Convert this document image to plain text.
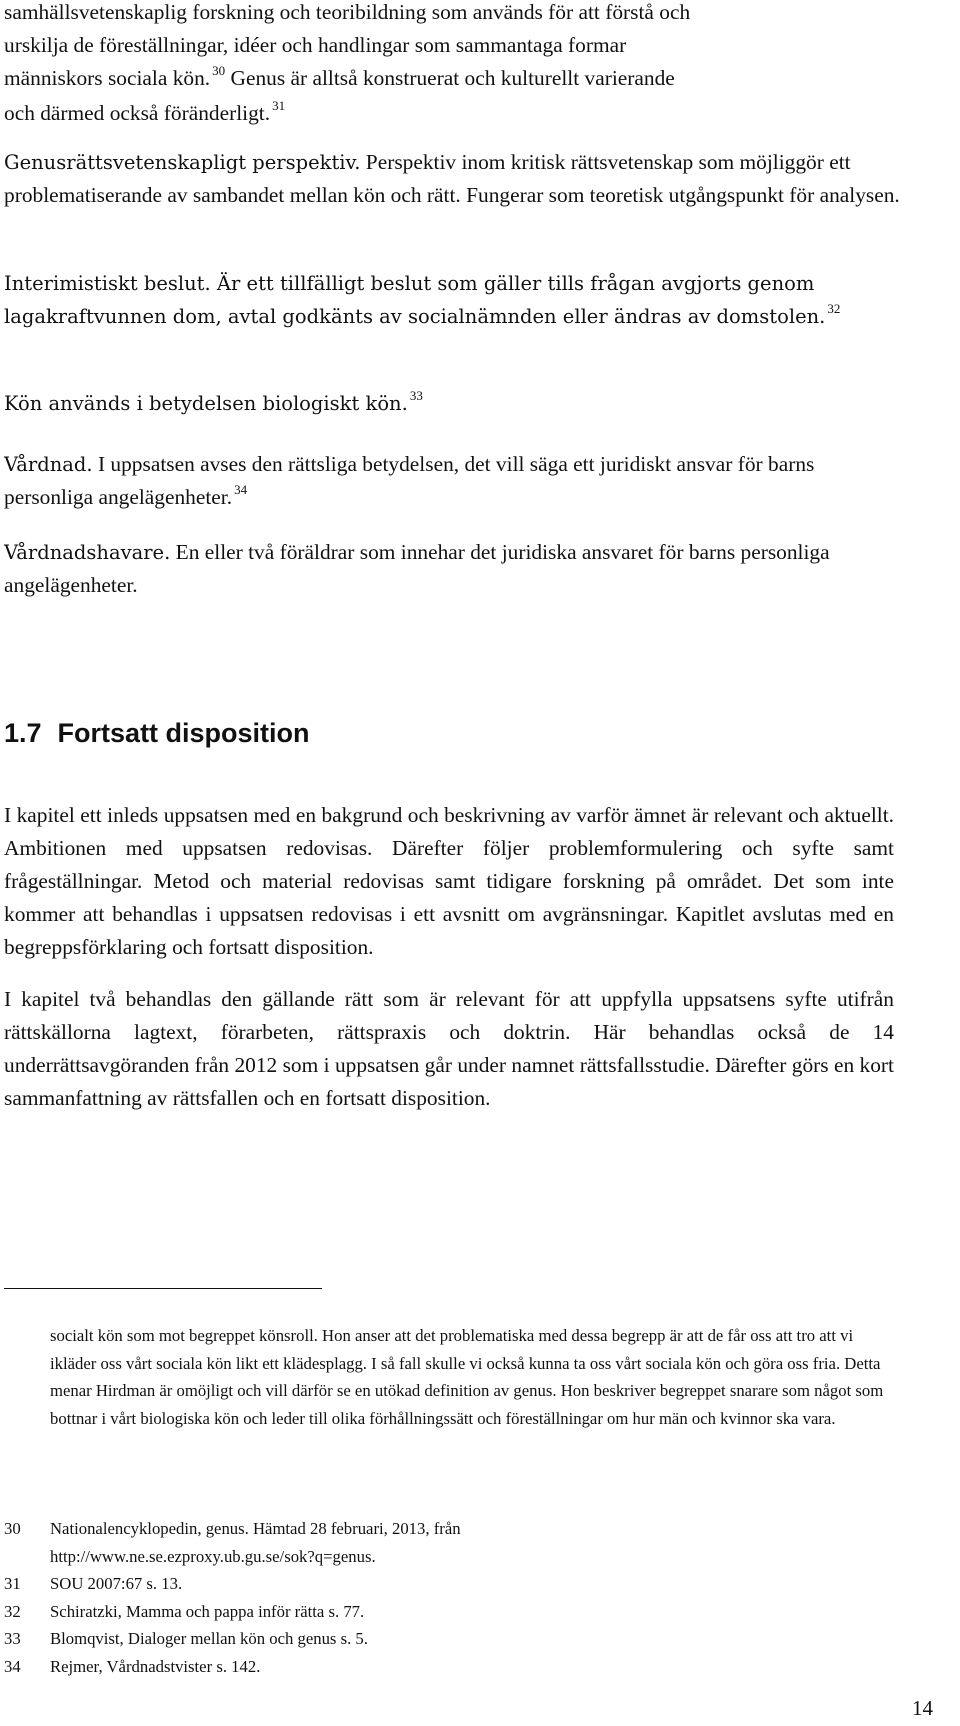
samhällsvetenskaplig forskning och teoribildning som används för att förstå och
urskilja de föreställningar, idéer och handlingar som sammantaga formar
människors sociala kön. $^{30}$ Genus är alltså konstruerat och kulturellt varierande
och därmed också föränderligt. $^{31}$
Genusrättsvetenskapligt perspektiv. Perspektiv inom kritisk rättsvetenskap som möjliggör ett problematiserande av sambandet mellan kön och rätt. Fungerar som teoretisk utgångspunkt för analysen.
Interimistiskt beslut. Är ett tillfälligt beslut som gäller tills frågan avgjorts genom lagakraftvunnen dom, avtal godkänts av socialnämnden eller ändras av domstolen. $^{32}$
Kön används i betydelsen biologiskt kön. $^{33}$
Vårdnad. I uppsatsen avses den rättsliga betydelsen, det vill säga ett juridiskt ansvar för barns personliga angelägenheter. $^{34}$
Vårdnadshavare. En eller två föräldrar som innehar det juridiska ansvaret för barns personliga angelägenheter.
1.7 Fortsatt disposition
I kapitel ett inleds uppsatsen med en bakgrund och beskrivning av varför ämnet är relevant och aktuellt. Ambitionen med uppsatsen redovisas. Därefter följer problemformulering och syfte samt frågeställningar. Metod och material redovisas samt tidigare forskning på området. Det som inte kommer att behandlas i uppsatsen redovisas i ett avsnitt om avgränsningar. Kapitlet avslutas med en begreppsförklaring och fortsatt disposition.
I kapitel två behandlas den gällande rätt som är relevant för att uppfylla uppsatsens syfte utifrån rättskällorna lagtext, förarbeten, rättspraxis och doktrin. Här behandlas också de 14 underrättsavgöranden från 2012 som i uppsatsen går under namnet rättsfallsstudie. Därefter görs en kort sammanfattning av rättsfallen och en fortsatt disposition.
socialt kön som mot begreppet könsroll. Hon anser att det problematiska med dessa begrepp är att de får oss att tro att vi ikläder oss vårt sociala kön likt ett klädesplagg. I så fall skulle vi också kunna ta oss vårt sociala kön och göra oss fria. Detta menar Hirdman är omöjligt och vill därför se en utökad definition av genus. Hon beskriver begreppet snarare som något som bottnar i vårt biologiska kön och leder till olika förhållningssätt och föreställningar om hur män och kvinnor ska vara.
30	Nationalencyklopedin, genus. Hämtad 28 februari, 2013, från http://www.ne.se.ezproxy.ub.gu.se/sok?q=genus.
31	SOU 2007:67 s. 13.
32	Schiratzki, Mamma och pappa inför rätta s. 77.
33	Blomqvist, Dialoger mellan kön och genus s. 5.
34	Rejmer, Vårdnadstvister s. 142.
14
